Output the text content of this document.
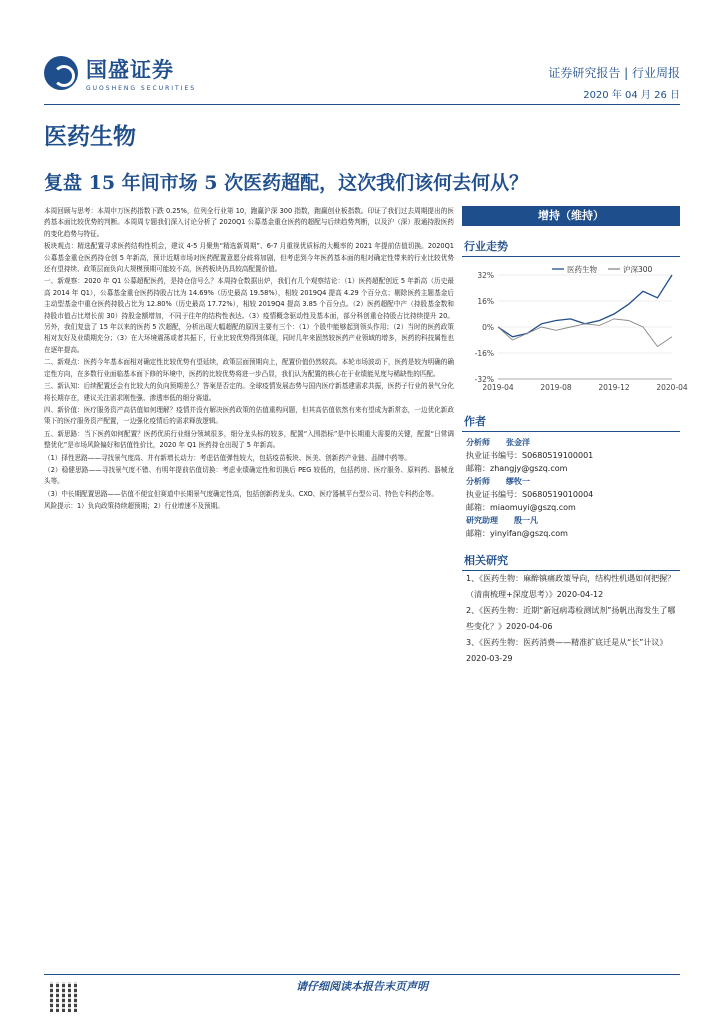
国盛证券
GUOSHENG SECURITIES
证券研究报告 | 行业周报
2020 年 04 月 26 日
医药生物
复盘 15 年间市场 5 次医药超配，这次我们该何去何从？

本周回顾与思考：本周申万医药指数下跌 0.25%，位列全行业第 10，跑赢沪深 300 指数，跑赢创业板指数。印证了我们过去周期提出的医药基本面比较优势的判断。本周周专题我们深入讨论分析了 2020Q1 公募基金重仓医药的超配与后续趋势判断，以及沪（深）股通持股医药的变化趋势与特征。

板块观点：精选配置寻求医药结构性机会，建议 4-5 月聚焦“精选新周期”、6-7 月重视优质标的大概率的 2021 年提前估值切换。2020Q1 公募基金重仓医药持仓创 5 年新高，预计近期市场对医药配置意愿分歧将加剧，但考虑到今年医药基本面的相对确定性带来的行业比较优势还有望持续、政策层面负向大规模预期可能较不高，医药板块仍具较高配置价值。

一、新观察：2020 年 Q1 公募超配医药，是持仓信号么？本周持仓数据出炉，我们有几个观察结论：（1）医药超配创近 5 年新高（历史最高 2014 年 Q1），公募基金重仓医药持股占比为 14.69%（历史最高 19.58%），相较 2019Q4 提高 4.29 个百分点；剔除医药主题基金后主动型基金中重仓医药持股占比为 12.80%（历史最高 17.72%），相较 2019Q4 提高 3.85 个百分点。（2）医药超配中产（持股基金数和持股市值占比增长前 30）持股金额增加，不同于往年的结构性表达。（3）疫情概念驱动性及基本面，部分科创重仓持股占比持续提升 20。另外，我们复盘了 15 年以来的医药 5 次超配，分析出现大幅超配的原因主要有三个：（1）个股中能够起到领头作用；（2）当时的医药政策相对友好及业绩期充分；（3）在大环境震荡或者共振下，行业比较优势得到体现，同时几年来固然较医药产业领域的增多，医药的科技属性也在逐年提高。

二、新观点：医药今年基本面相对确定性比较优势有望延续，政策层面预期向上，配置价值仍然较高。本轮市场波动下，医药是较为明确的确定性方向，在多数行业面临基本面下修的环境中，医药的比较优势将进一步凸显，我们认为配置的核心在于业绩能见度与稀缺性的匹配。

三、新认知：后续配置还会有比较大的负向预期差么？答案是否定的。全球疫情发展态势与国内医疗新基建需求共振，医药子行业的景气分化将长期存在，建议关注需求刚性强、渗透率低的细分赛道。

四、新价值：医疗服务资产高估值如何理解？疫情并没有解决医药政策的估值重构问题，但其高估值依然有来有望成为新常态，一边优化新政策下的医疗服务资产配置，一边强化疫情后的需求释放逻辑。

五、新思路：当下医药如何配置？医药优质行业细分领域很多，细分龙头标的较多，配置“入围指标”是中长期重大需要的关键，配置“日常调整优化”是市场风险偏好和估值性价比，2020 年 Q1 医药持仓出现了 5 年新高。

（1）择性思路——寻找景气度高、并有新增长动力：考虑估值弹性较大，包括疫苗板块、医美、创新药产业链、品牌中药等。

（2）稳健思路——寻找景气度不错、有明年提前估值切换：考虑业绩确定性和切换后 PEG 较低的，包括药房、医疗服务、原料药、器械龙头等。

（3）中长期配置思路——估值不便宜但赛道中长期景气度确定性高，包括创新药龙头、CXO、医疗器械平台型公司、特色专科药企等。

风险提示：1）负向政策持续超预期；2）行业增速不及预期。

增持（维持）
行业走势
32%
16%
0%
-16%
-32%
2019-04	2019-08	2019-12	2020-04
医药生物	沪深300
作者
分析师 张金洋
执业证书编号：S0680519100001
邮箱：zhangjy@gszq.com
分析师 缪牧一
执业证书编号：S0680519010004
邮箱：miaomuyi@gszq.com
研究助理 殷一凡
邮箱：yinyifan@gszq.com
相关研究

1、《医药生物：麻醉镇痛政策导向，结构性机遇如何把握？（清南梳理+深度思考）》2020-04-12

2、《医药生物：近期“新冠病毒检测试剂”扬帆出海发生了哪些变化？》2020-04-06

3、《医药生物：医药消费——精准扩底迁是从“长”计议》2020-03-29

请仔细阅读本报告末页声明
